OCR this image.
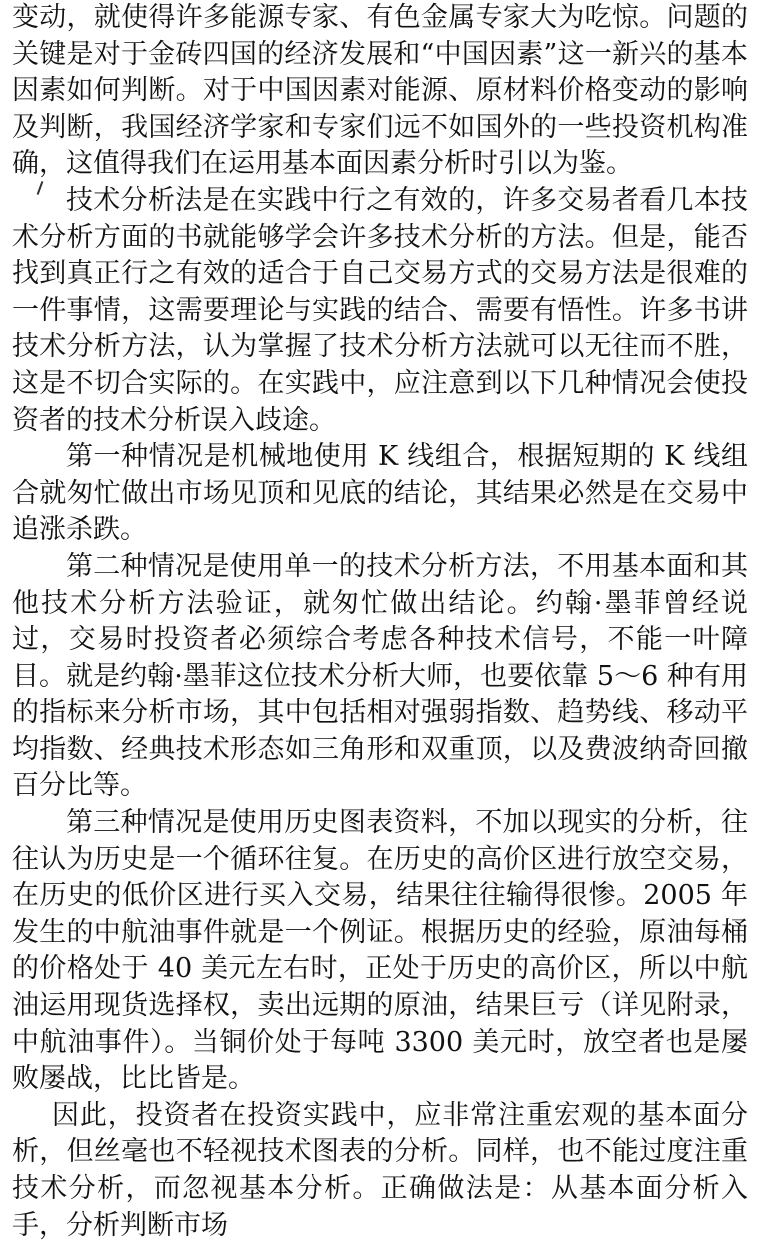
变动，就使得许多能源专家、有色金属专家大为吃惊。问题的关键是对于金砖四国的经济发展和“中国因素”这一新兴的基本因素如何判断。对于中国因素对能源、原材料价格变动的影响及判断，我国经济学家和专家们远不如国外的一些投资机构准确，这值得我们在运用基本面因素分析时引以为鉴。

技术分析法是在实践中行之有效的，许多交易者看几本技术分析方面的书就能够学会许多技术分析的方法。但是，能否找到真正行之有效的适合于自己交易方式的交易方法是很难的一件事情，这需要理论与实践的结合、需要有悟性。许多书讲技术分析方法，认为掌握了技术分析方法就可以无往而不胜，这是不切合实际的。在实践中，应注意到以下几种情况会使投资者的技术分析误入歧途。

第一种情况是机械地使用 K 线组合，根据短期的 K 线组合就匆忙做出市场见顶和见底的结论，其结果必然是在交易中追涨杀跌。

第二种情况是使用单一的技术分析方法，不用基本面和其他技术分析方法验证，就匆忙做出结论。约翰·墨菲曾经说过，交易时投资者必须综合考虑各种技术信号，不能一叶障目。就是约翰·墨菲这位技术分析大师，也要依靠 5～6 种有用的指标来分析市场，其中包括相对强弱指数、趋势线、移动平均指数、经典技术形态如三角形和双重顶，以及费波纳奇回撤百分比等。

第三种情况是使用历史图表资料，不加以现实的分析，往往认为历史是一个循环往复。在历史的高价区进行放空交易，在历史的低价区进行买入交易，结果往往输得很惨。2005 年发生的中航油事件就是一个例证。根据历史的经验，原油每桶的价格处于 40 美元左右时，正处于历史的高价区，所以中航油运用现货选择权，卖出远期的原油，结果巨亏（详见附录，中航油事件）。当铜价处于每吨 3300 美元时，放空者也是屡败屡战，比比皆是。

因此，投资者在投资实践中，应非常注重宏观的基本面分析，但丝毫也不轻视技术图表的分析。同样，也不能过度注重技术分析，而忽视基本分析。正确做法是：从基本面分析入手，分析判断市场
